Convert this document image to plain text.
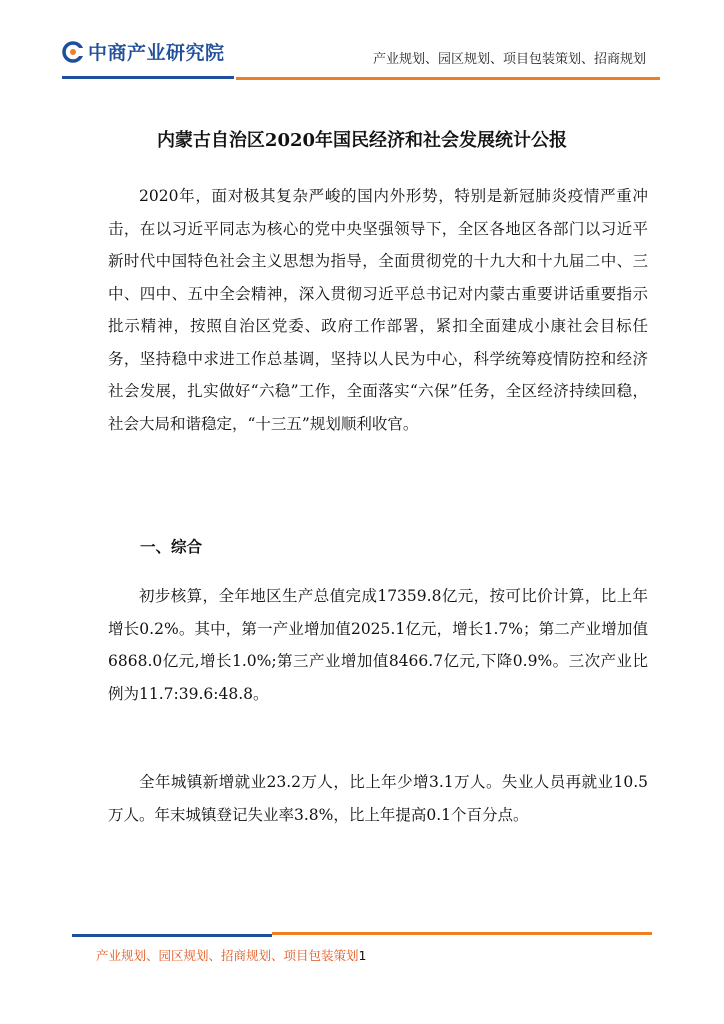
中商产业研究院	产业规划、园区规划、项目包装策划、招商规划
内蒙古自治区2020年国民经济和社会发展统计公报

2020年，面对极其复杂严峻的国内外形势，特别是新冠肺炎疫情严重冲击，在以习近平同志为核心的党中央坚强领导下，全区各地区各部门以习近平新时代中国特色社会主义思想为指导，全面贯彻党的十九大和十九届二中、三中、四中、五中全会精神，深入贯彻习近平总书记对内蒙古重要讲话重要指示批示精神，按照自治区党委、政府工作部署，紧扣全面建成小康社会目标任务，坚持稳中求进工作总基调，坚持以人民为中心，科学统筹疫情防控和经济社会发展，扎实做好“六稳”工作，全面落实“六保”任务，全区经济持续回稳，社会大局和谐稳定，“十三五”规划顺利收官。

一、综合

初步核算，全年地区生产总值完成17359.8亿元，按可比价计算，比上年增长0.2%。其中，第一产业增加值2025.1亿元，增长1.7%；第二产业增加值6868.0亿元,增长1.0%;第三产业增加值8466.7亿元,下降0.9%。三次产业比例为11.7:39.6:48.8。

全年城镇新增就业23.2万人，比上年少增3.1万人。失业人员再就业10.5万人。年末城镇登记失业率3.8%，比上年提高0.1个百分点。

产业规划、园区规划、招商规划、项目包装策划1
